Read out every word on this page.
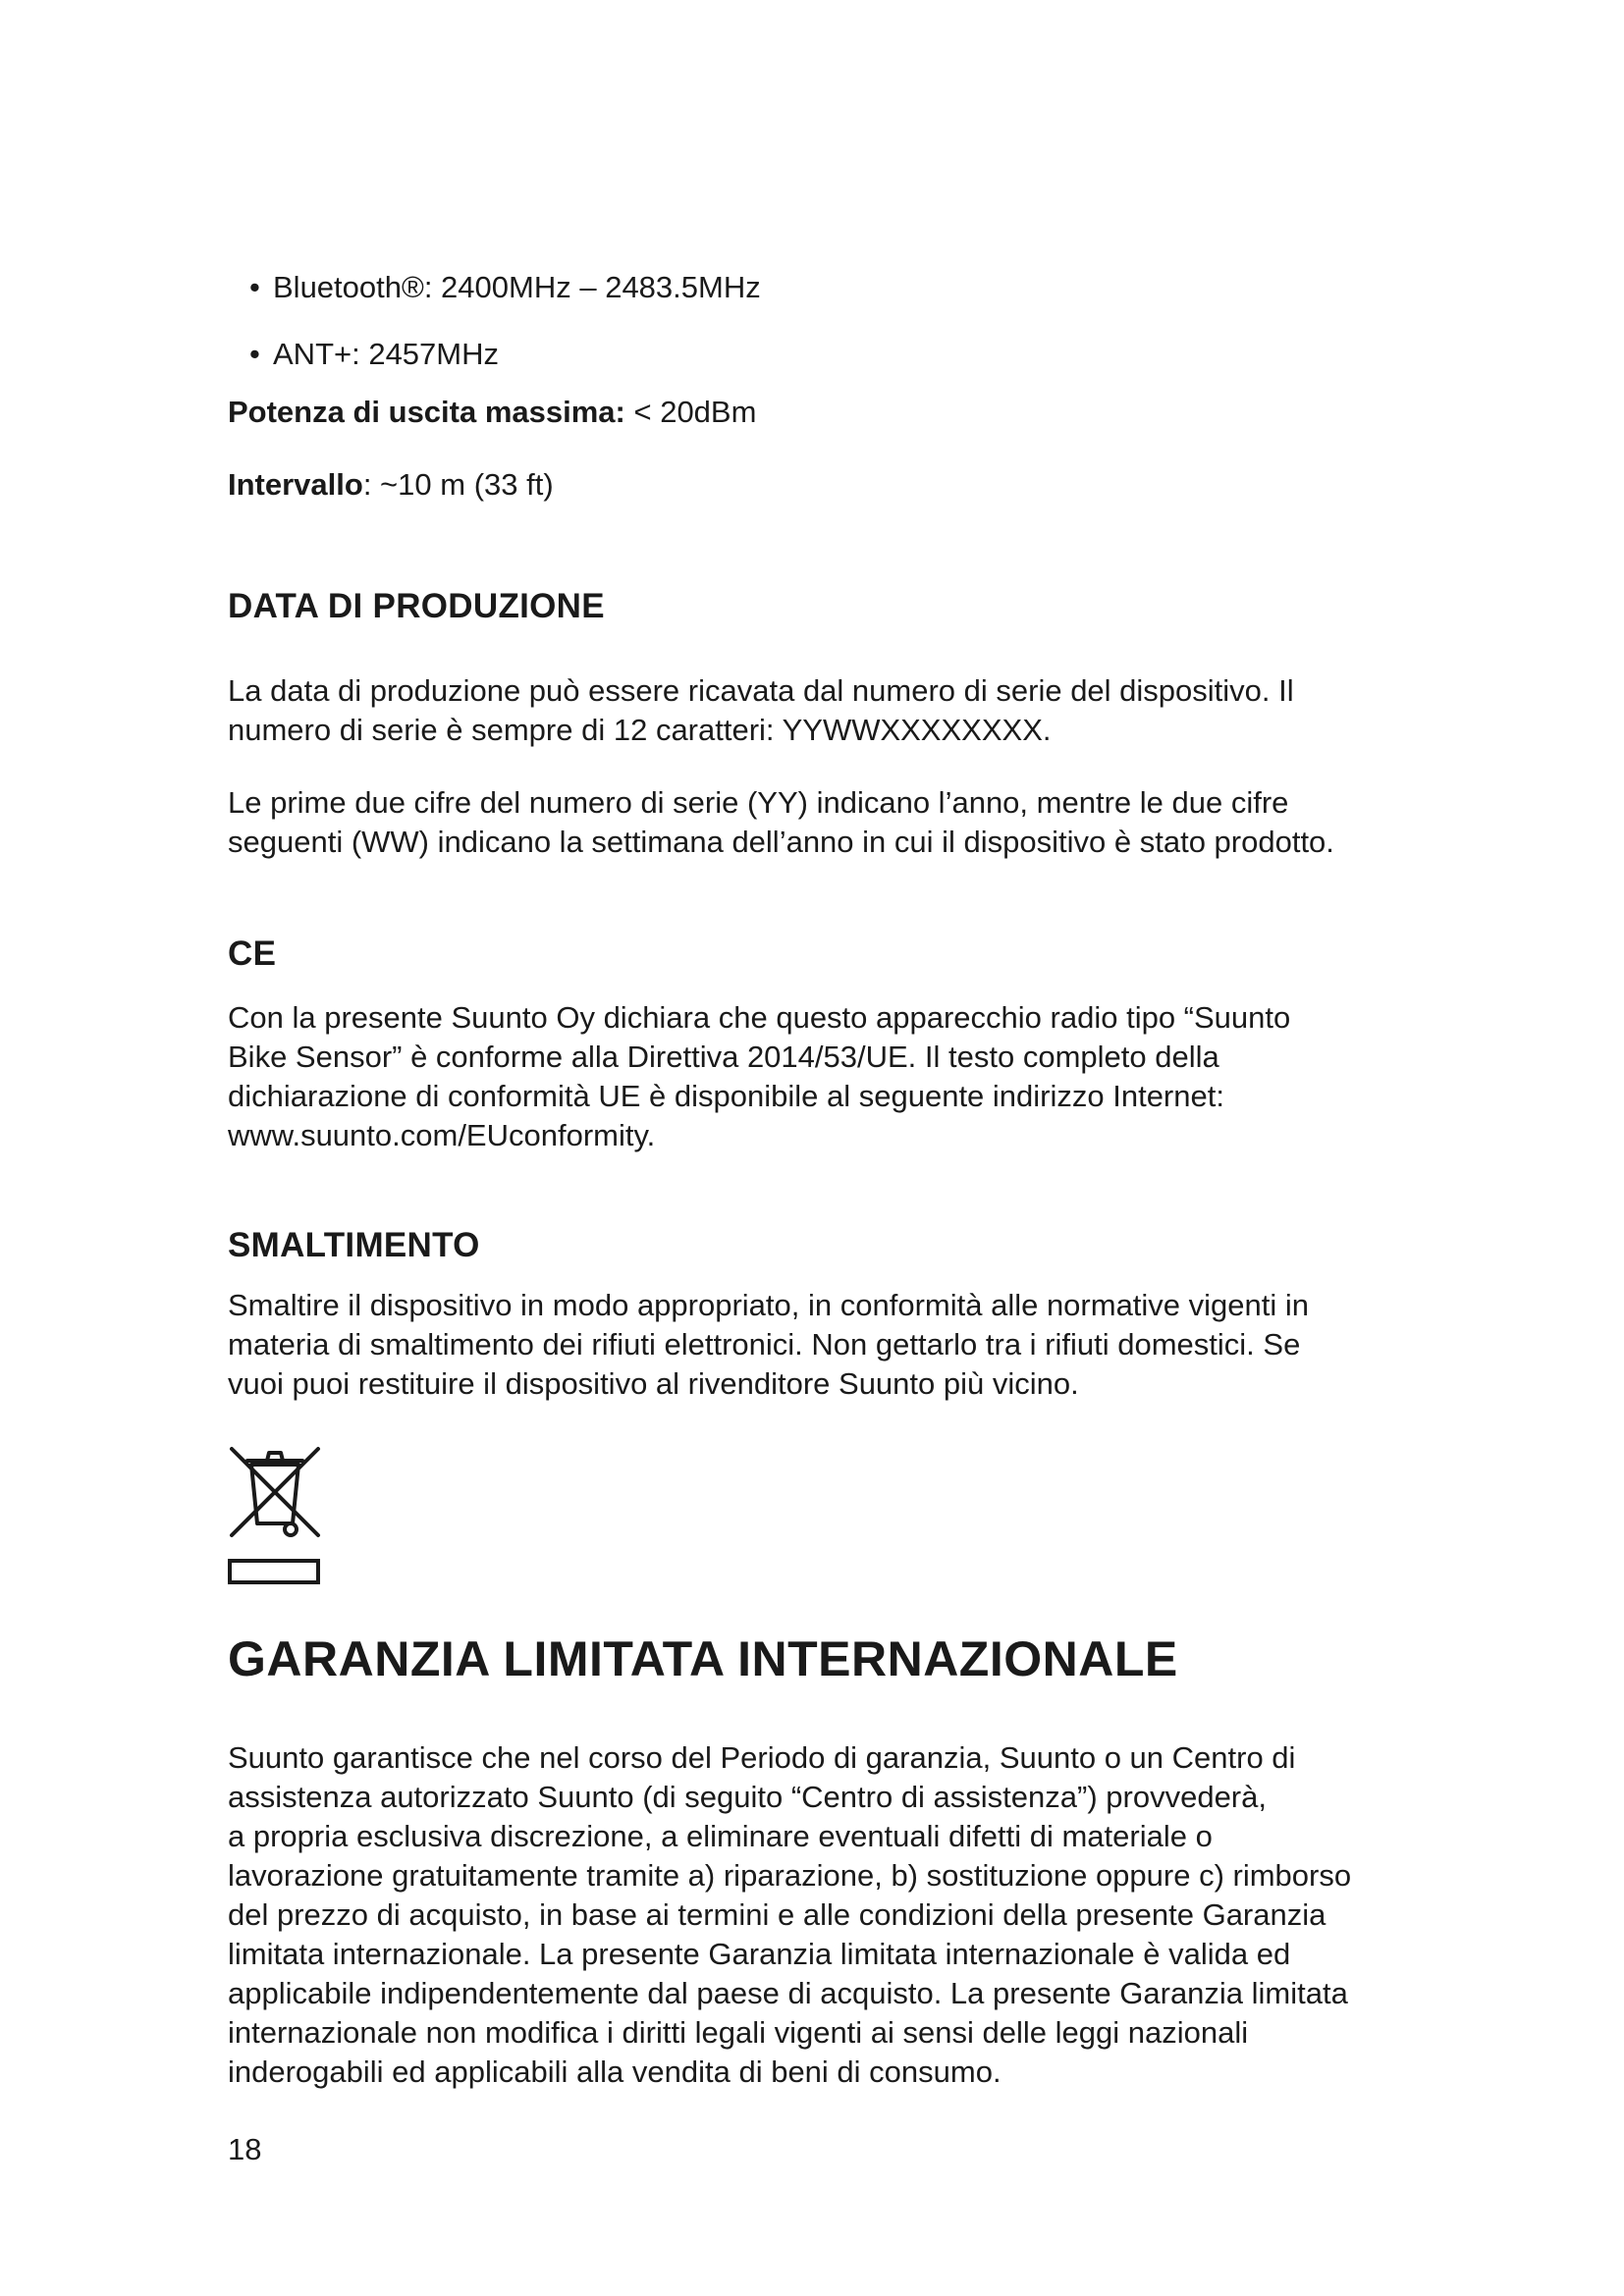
• Bluetooth®: 2400MHz – 2483.5MHz
• ANT+: 2457MHz
Potenza di uscita massima: < 20dBm
Intervallo: ~10 m (33 ft)
DATA DI PRODUZIONE
La data di produzione può essere ricavata dal numero di serie del dispositivo. Il
numero di serie è sempre di 12 caratteri: YYWWXXXXXXXX.
Le prime due cifre del numero di serie (YY) indicano l’anno, mentre le due cifre
seguenti (WW) indicano la settimana dell’anno in cui il dispositivo è stato prodotto.
CE
Con la presente Suunto Oy dichiara che questo apparecchio radio tipo “Suunto
Bike Sensor” è conforme alla Direttiva 2014/53/UE. Il testo completo della
dichiarazione di conformità UE è disponibile al seguente indirizzo Internet:
www.suunto.com/EUconformity.
SMALTIMENTO
Smaltire il dispositivo in modo appropriato, in conformità alle normative vigenti in
materia di smaltimento dei rifiuti elettronici. Non gettarlo tra i rifiuti domestici. Se
vuoi puoi restituire il dispositivo al rivenditore Suunto più vicino.
GARANZIA LIMITATA INTERNAZIONALE
Suunto garantisce che nel corso del Periodo di garanzia, Suunto o un Centro di
assistenza autorizzato Suunto (di seguito “Centro di assistenza”) provvederà,
a propria esclusiva discrezione, a eliminare eventuali difetti di materiale o
lavorazione gratuitamente tramite a) riparazione, b) sostituzione oppure c) rimborso
del prezzo di acquisto, in base ai termini e alle condizioni della presente Garanzia
limitata internazionale. La presente Garanzia limitata internazionale è valida ed
applicabile indipendentemente dal paese di acquisto. La presente Garanzia limitata
internazionale non modifica i diritti legali vigenti ai sensi delle leggi nazionali
inderogabili ed applicabili alla vendita di beni di consumo.
18
